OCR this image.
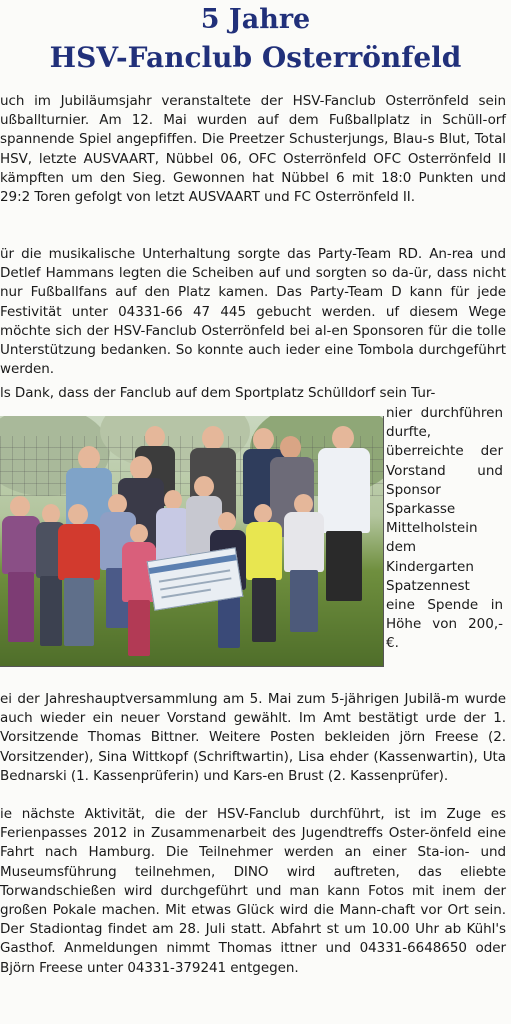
5 Jahre
HSV-Fanclub Osterrönfeld

uch im Jubiläumsjahr veranstaltete der HSV-Fanclub Osterrönfeld sein ußballturnier. Am 12. Mai wurden auf dem Fußballplatz in Schüll-orf spannende Spiel angepfiffen. Die Preetzer Schusterjungs, Blau-s Blut, Total HSV, letzte AUSVAART, Nübbel 06, OFC Osterrönfeld OFC Osterrönfeld II kämpften um den Sieg. Gewonnen hat Nübbel 6 mit 18:0 Punkten und 29:2 Toren gefolgt von letzt AUSVAART und FC Osterrönfeld II.

ür die musikalische Unterhaltung sorgte das Party-Team RD. An-rea und Detlef Hammans legten die Scheiben auf und sorgten so da-ür, dass nicht nur Fußballfans auf den Platz kamen. Das Party-Team D kann für jede Festivität unter 04331-66 47 445 gebucht werden. uf diesem Wege möchte sich der HSV-Fanclub Osterrönfeld bei al-en Sponsoren für die tolle Unterstützung bedanken. So konnte auch ieder eine Tombola durchgeführt werden.

ls Dank, dass der Fanclub auf dem Sportplatz Schülldorf sein Tur-

nier durchführen durfte, überreichte der Vorstand und Sponsor Sparkasse Mittelholstein dem Kindergarten Spatzennest eine Spende in Höhe von 200,- €.

ei der Jahreshauptversammlung am 5. Mai zum 5-jährigen Jubilä-m wurde auch wieder ein neuer Vorstand gewählt. Im Amt bestätigt urde der 1. Vorsitzende Thomas Bittner. Weitere Posten bekleiden jörn Freese (2. Vorsitzender), Sina Wittkopf (Schriftwartin), Lisa ehder (Kassenwartin), Uta Bednarski (1. Kassenprüferin) und Kars-en Brust (2. Kassenprüfer).

ie nächste Aktivität, die der HSV-Fanclub durchführt, ist im Zuge es Ferienpasses 2012 in Zusammenarbeit des Jugendtreffs Oster-önfeld eine Fahrt nach Hamburg. Die Teilnehmer werden an einer Sta-ion- und Museumsführung teilnehmen, DINO wird auftreten, das eliebte Torwandschießen wird durchgeführt und man kann Fotos mit inem der großen Pokale machen. Mit etwas Glück wird die Mann-chaft vor Ort sein. Der Stadiontag findet am 28. Juli statt. Abfahrt st um 10.00 Uhr ab Kühl's Gasthof. Anmeldungen nimmt Thomas ittner und 04331-6648650 oder Björn Freese unter 04331-379241 entgegen.
